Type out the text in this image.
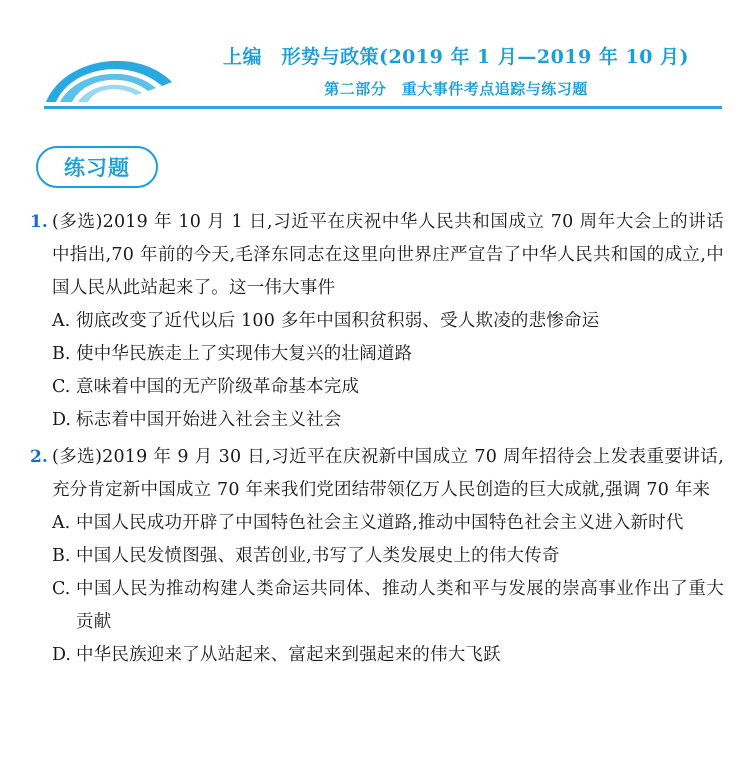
上编　形势与政策(2019 年 1 月—2019 年 10 月)
第二部分　重大事件考点追踪与练习题
练习题
1. (多选)2019 年 10 月 1 日,习近平在庆祝中华人民共和国成立 70 周年大会上的讲话中指出,70 年前的今天,毛泽东同志在这里向世界庄严宣告了中华人民共和国的成立,中国人民从此站起来了。这一伟大事件
A. 彻底改变了近代以后 100 多年中国积贫积弱、受人欺凌的悲惨命运
B. 使中华民族走上了实现伟大复兴的壮阔道路
C. 意味着中国的无产阶级革命基本完成
D. 标志着中国开始进入社会主义社会
2. (多选)2019 年 9 月 30 日,习近平在庆祝新中国成立 70 周年招待会上发表重要讲话,充分肯定新中国成立 70 年来我们党团结带领亿万人民创造的巨大成就,强调 70 年来
A. 中国人民成功开辟了中国特色社会主义道路,推动中国特色社会主义进入新时代
B. 中国人民发愤图强、艰苦创业,书写了人类发展史上的伟大传奇
C. 中国人民为推动构建人类命运共同体、推动人类和平与发展的崇高事业作出了重大贡献
D. 中华民族迎来了从站起来、富起来到强起来的伟大飞跃
